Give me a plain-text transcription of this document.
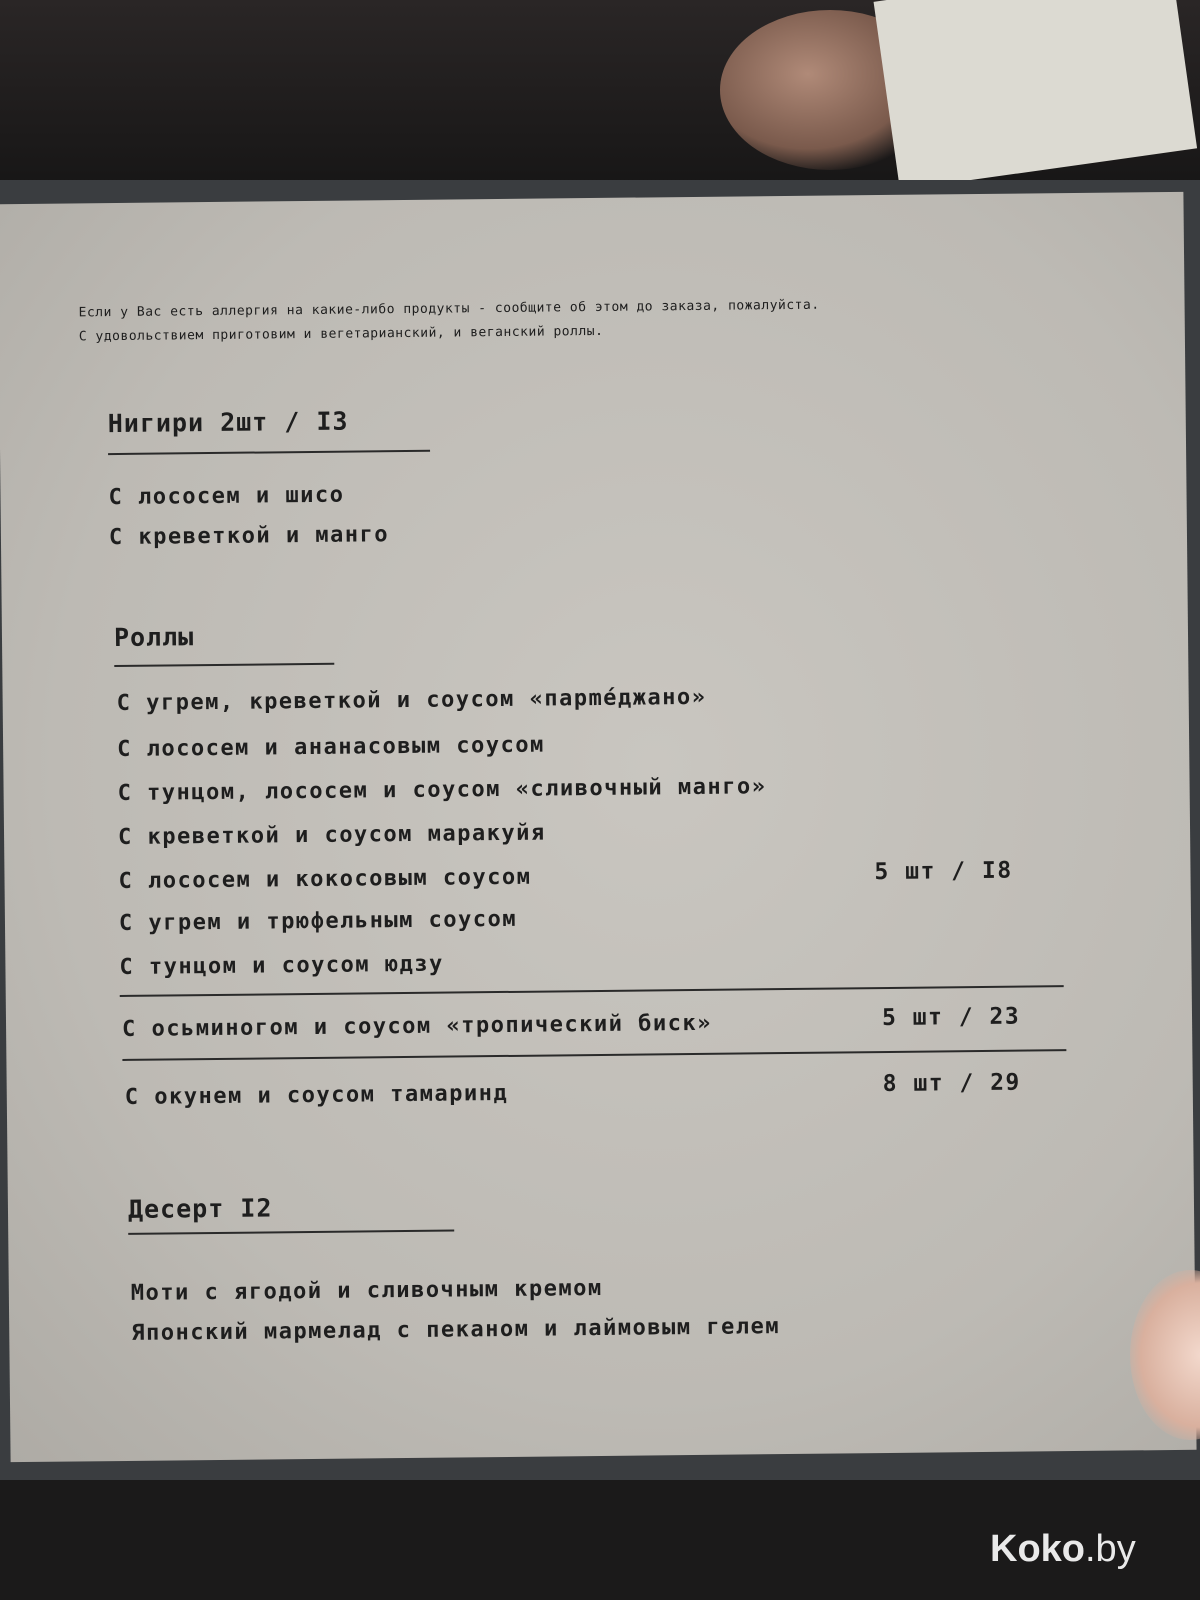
Если у Вас есть аллергия на какие-либо продукты - сообщите об этом до заказа, пожалуйста.
С удовольствием приготовим и вегетарианский, и веганский роллы.
Нигири 2шт / I3
С лососем и шисо
С креветкой и манго
Роллы
С угрем, креветкой и соусом «парméджано»
С лососем и ананасовым соусом
С тунцом, лососем и соусом «сливочный манго»
С креветкой и соусом маракуйя
С лососем и кокосовым соусом	5 шт / I8
С угрем и трюфельным соусом
С тунцом и соусом юдзу
С осьминогом и соусом «тропический биск»	5 шт / 23
С окунем и соусом тамаринд	8 шт / 29
Десерт I2
Моти с ягодой и сливочным кремом
Японский мармелад с пеканом и лаймовым гелем
Koko.by
